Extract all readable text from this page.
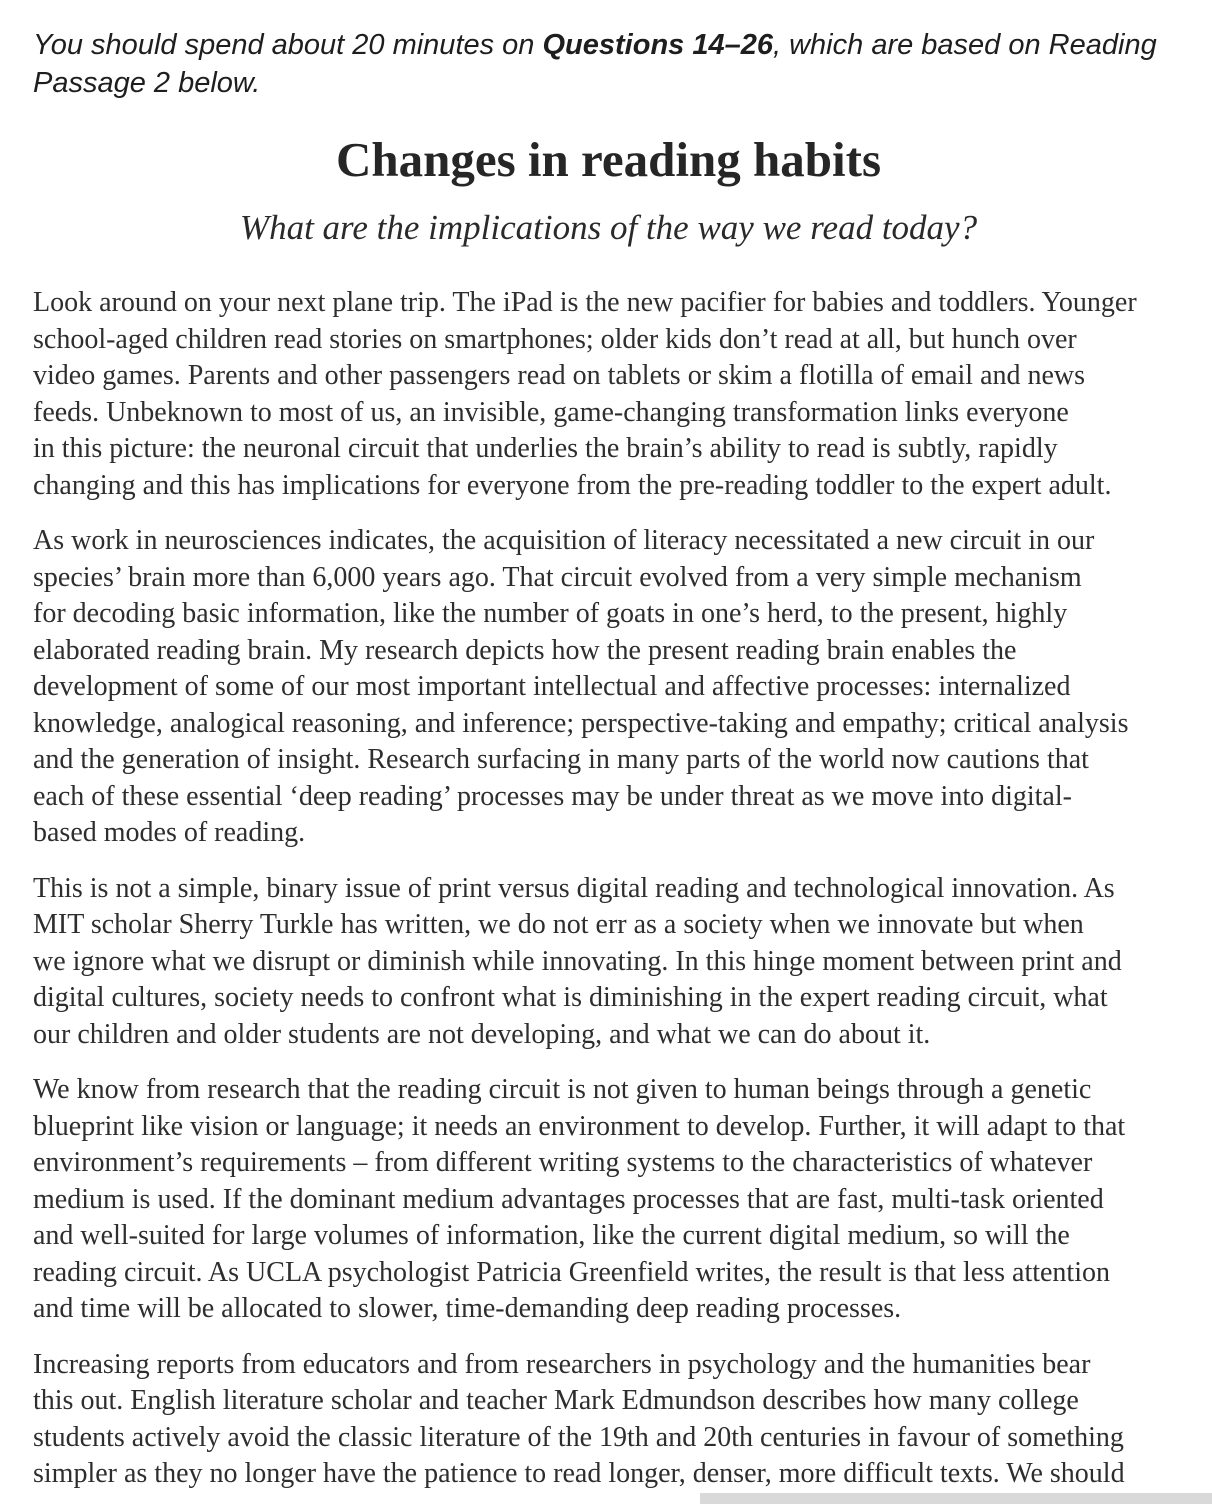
You should spend about 20 minutes on Questions 14–26, which are based on Reading
Passage 2 below.

Changes in reading habits
What are the implications of the way we read today?

Look around on your next plane trip. The iPad is the new pacifier for babies and toddlers. Younger
school-aged children read stories on smartphones; older kids don’t read at all, but hunch over
video games. Parents and other passengers read on tablets or skim a flotilla of email and news
feeds. Unbeknown to most of us, an invisible, game-changing transformation links everyone
in this picture: the neuronal circuit that underlies the brain’s ability to read is subtly, rapidly
changing and this has implications for everyone from the pre-reading toddler to the expert adult.

As work in neurosciences indicates, the acquisition of literacy necessitated a new circuit in our
species’ brain more than 6,000 years ago. That circuit evolved from a very simple mechanism
for decoding basic information, like the number of goats in one’s herd, to the present, highly
elaborated reading brain. My research depicts how the present reading brain enables the
development of some of our most important intellectual and affective processes: internalized
knowledge, analogical reasoning, and inference; perspective-taking and empathy; critical analysis
and the generation of insight. Research surfacing in many parts of the world now cautions that
each of these essential ‘deep reading’ processes may be under threat as we move into digital-
based modes of reading.

This is not a simple, binary issue of print versus digital reading and technological innovation. As
MIT scholar Sherry Turkle has written, we do not err as a society when we innovate but when
we ignore what we disrupt or diminish while innovating. In this hinge moment between print and
digital cultures, society needs to confront what is diminishing in the expert reading circuit, what
our children and older students are not developing, and what we can do about it.

We know from research that the reading circuit is not given to human beings through a genetic
blueprint like vision or language; it needs an environment to develop. Further, it will adapt to that
environment’s requirements – from different writing systems to the characteristics of whatever
medium is used. If the dominant medium advantages processes that are fast, multi-task oriented
and well-suited for large volumes of information, like the current digital medium, so will the
reading circuit. As UCLA psychologist Patricia Greenfield writes, the result is that less attention
and time will be allocated to slower, time-demanding deep reading processes.

Increasing reports from educators and from researchers in psychology and the humanities bear
this out. English literature scholar and teacher Mark Edmundson describes how many college
students actively avoid the classic literature of the 19th and 20th centuries in favour of something
simpler as they no longer have the patience to read longer, denser, more difficult texts. We should
